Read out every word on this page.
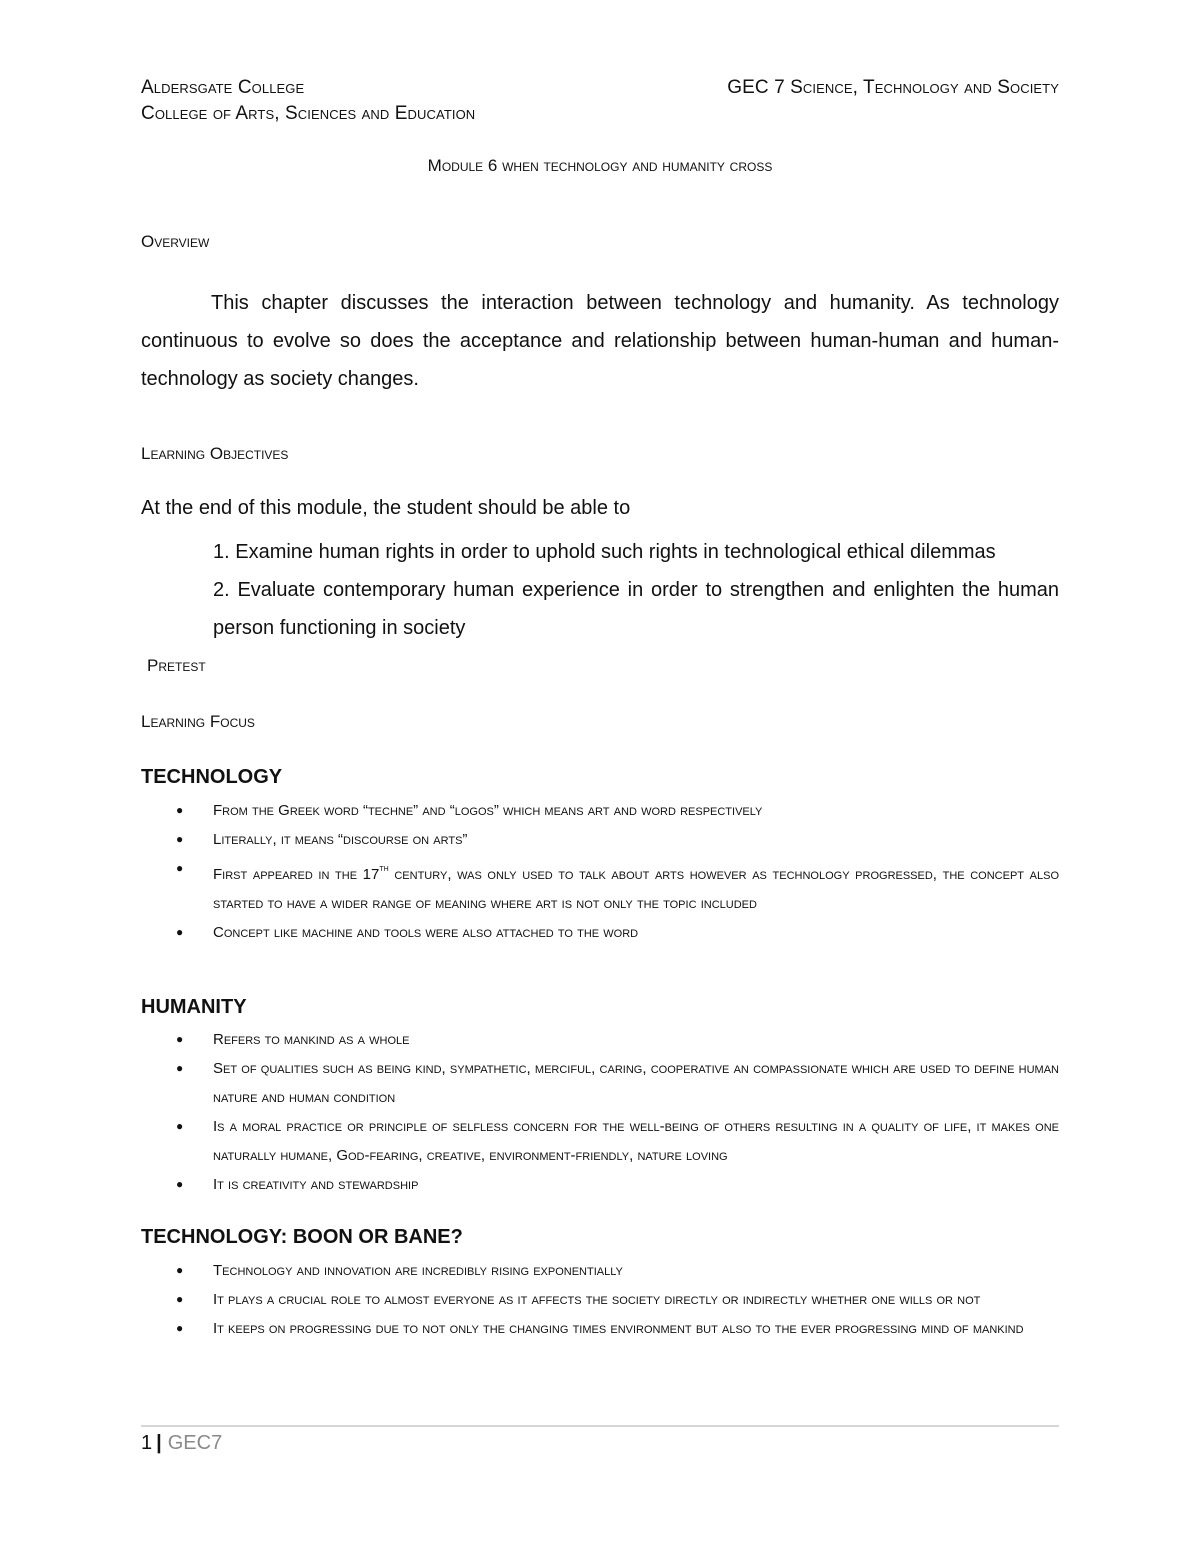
Aldersgate College
College of Arts, Sciences and Education
GEC 7 Science, Technology and Society
Module 6 when technology and humanity cross
Overview

This chapter discusses the interaction between technology and humanity. As technology continuous to evolve so does the acceptance and relationship between human-human and human- technology as society changes.

Learning Objectives
At the end of this module, the student should be able to

1. Examine human rights in order to uphold such rights in technological ethical dilemmas

2. Evaluate contemporary human experience in order to strengthen and enlighten the human person functioning in society

Pretest
Learning Focus
TECHNOLOGY
● From the Greek word “techne” and “logos” which means art and word respectively
● Literally, it means “discourse on arts”
● First appeared in the 17th century, was only used to talk about arts however as technology progressed, the concept also started to have a wider range of meaning where art is not only the topic included
● Concept like machine and tools were also attached to the word
HUMANITY
● Refers to mankind as a whole
● Set of qualities such as being kind, sympathetic, merciful, caring, cooperative an compassionate which are used to define human nature and human condition
● Is a moral practice or principle of selfless concern for the well-being of others resulting in a quality of life, it makes one naturally humane, God-fearing, creative, environment-friendly, nature loving
● It is creativity and stewardship
TECHNOLOGY: BOON OR BANE?
● Technology and innovation are incredibly rising exponentially
● It plays a crucial role to almost everyone as it affects the society directly or indirectly whether one wills or not
● It keeps on progressing due to not only the changing times environment but also to the ever progressing mind of mankind
1 | GEC7
